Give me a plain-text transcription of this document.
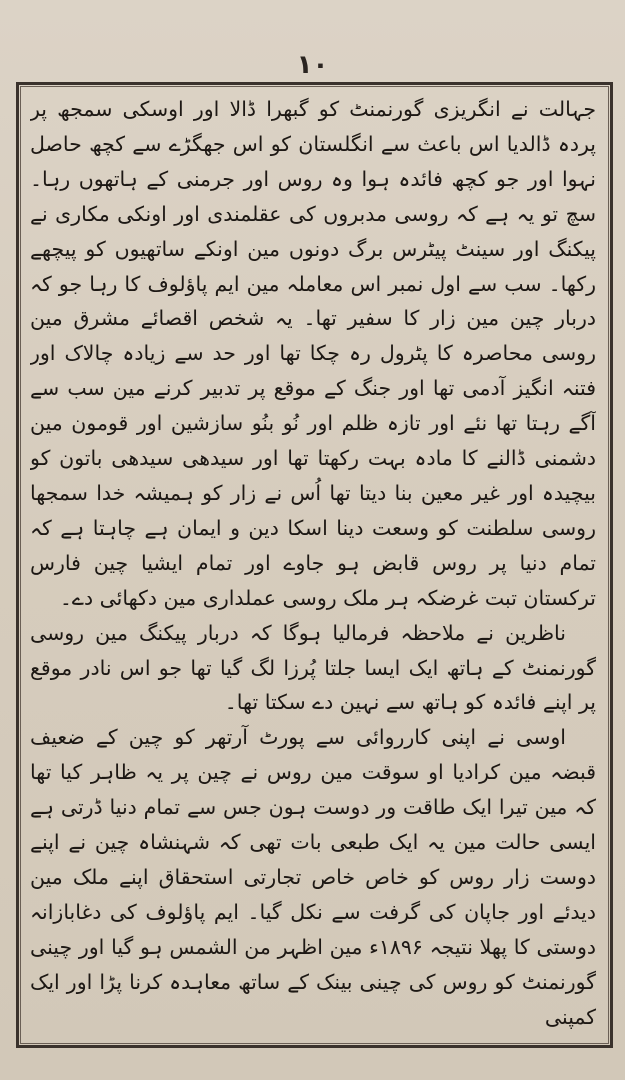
۱۰

جہالت نے انگریزی گورنمنٹ کو گبھرا ڈالا اور اوسکی سمجھ پر پردہ ڈالدیا اس باعث سے انگلستان کو اس جھگڑے سے کچھ حاصل نہوا اور جو کچھ فائدہ ہوا وہ روس اور جرمنی کے ہاتھوں رہا۔ سچ تو یہ ہے کہ روسی مدبروں کی عقلمندی اور اونکی مکاری نے پیکنگ اور سینٹ پیٹرس برگ دونوں مین اونکے ساتھیوں کو پیچھے رکھا۔ سب سے اول نمبر اس معاملہ مین ایم پاؤلوف کا رہا جو کہ دربار چین مین زار کا سفیر تھا۔ یہ شخص اقصائے مشرق مین روسی محاصرہ کا پٹرول رہ چکا تھا اور حد سے زیادہ چالاک اور فتنہ انگیز آدمی تھا اور جنگ کے موقع پر تدبیر کرنے مین سب سے آگے رہتا تھا نئے اور تازہ ظلم اور نُو بنُو سازشین اور قومون مین دشمنی ڈالنے کا مادہ بہت رکھتا تھا اور سیدھی سیدھی باتون کو بیچیدہ اور غیر معین بنا دیتا تھا اُس نے زار کو ہمیشہ خدا سمجھا روسی سلطنت کو وسعت دینا اسکا دین و ایمان ہے چاہتا ہے کہ تمام دنیا پر روس قابض ہو جاوے اور تمام ایشیا چین فارس ترکستان تبت غرضکہ ہر ملک روسی عملداری مین دکھائی دے۔

ناظرین نے ملاحظہ فرمالیا ہوگا کہ دربار پیکنگ مین روسی گورنمنٹ کے ہاتھ ایک ایسا جلتا پُرزا لگ گیا تھا جو اس نادر موقع پر اپنے فائدہ کو ہاتھ سے نہین دے سکتا تھا۔

اوسی نے اپنی کارروائی سے پورٹ آرتھر کو چین کے ضعیف قبضہ مین کرادیا او سوقت مین روس نے چین پر یہ ظاہر کیا تھا کہ مین تیرا ایک طاقت ور دوست ہون جس سے تمام دنیا ڈرتی ہے ایسی حالت مین یہ ایک طبعی بات تھی کہ شہنشاہ چین نے اپنے دوست زار روس کو خاص خاص تجارتی استحقاق اپنے ملک مین دیدئے اور جاپان کی گرفت سے نکل گیا۔ ایم پاؤلوف کی دغابازانہ دوستی کا پھلا نتیجہ ۱۸۹۶ء مین اظہر من الشمس ہو گیا اور چینی گورنمنٹ کو روس کی چینی بینک کے ساتھ معاہدہ کرنا پڑا اور ایک کمپنی
